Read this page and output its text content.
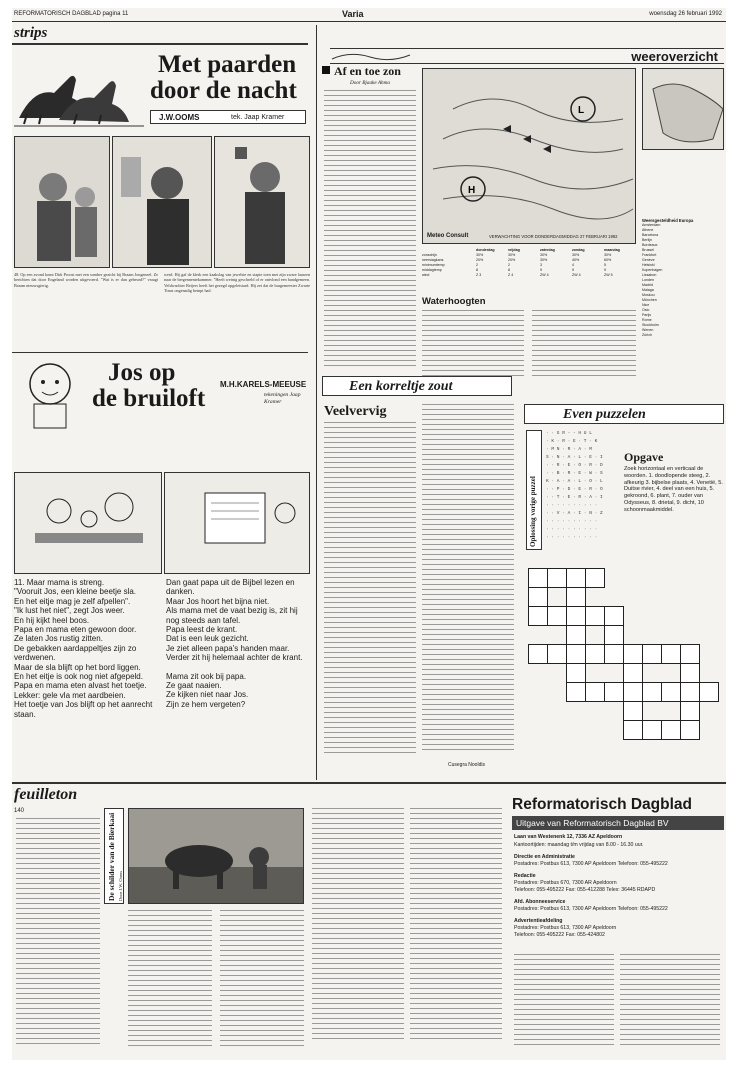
REFORMATORISCH DAGBLAD pagina 11	Varia	woensdag 26 februari 1992
strips
Met paarden
door de nacht
J.W.OOMS	tek. Jaap Kramer
48. Op een avond komt Dirk Proost met een somber gezicht bij Braam Jongeneel. Ze berichten dat door Engeland worden uitgevoerd. "Wat is er dan gebeurd?" vraagt Braam nieuwsgierig.
werd. Hij gaf de klerk een kaakslag van jewelste en stapte toen met zijn zware laarzen naar de bergennentekammer. "Heeft weinig geschreld of er ontvlond een handgemeen. Veldwachter Reijers heeft het gezegd opgeleistard. Hij zei dat de burgemeester Zwarte Tinus ongenadig beinpt had.
Jos op
de bruiloft
M.H.KARELS-MEEUSE
tekeningen Jaap Kramer
11. Maar mama is streng.
"Vooruit Jos, een kleine beetje sla.
En het eitje mag je zelf afpellen".
"Ik lust het niet", zegt Jos weer.
En hij kijkt heel boos.
Papa en mama eten gewoon door.
Ze laten Jos rustig zitten.
De gebakken aardappeltjes zijn zo verdwenen.
Maar de sla blijft op het bord liggen.
En het eitje is ook nog niet afgepeld.
Papa en mama eten alvast het toetje.
Lekker: gele vla met aardbeien.
Het toetje van Jos blijft op het aanrecht staan.
Dan gaat papa uit de Bijbel lezen en danken.
Maar Jos hoort het bijna niet.
Als mama met de vaat bezig is, zit hij nog steeds aan tafel.
Papa leest de krant.
Dat is een leuk gezicht.
Je ziet alleen papa's handen maar.
Verder zit hij helemaal achter de krant.
Mama zit ook bij papa.
Ze gaat naaien.
Ze kijken niet naar Jos.
Zijn ze hem vergeten?
feuilleton
140
De schilder van de Bierkaai Door J.W. Ooms
Reformatorisch Dagblad
Uitgave van Reformatorisch Dagblad BV
Laan van Westenenk 12, 7336 AZ Apeldoorn
Kantoortijden: maandag t/m vrijdag van 8.00 - 16.30 uur.
Directie en Administratie
Postadres: Postbus 613, 7300 AP Apeldoorn Telefoon: 055-495222
Redactie
Postadres: Postbus 670, 7300 AR Apeldoorn
Telefoon: 055-495222 Fax: 055-412288 Telex: 36445 RDAPD
Afd. Abonneeservice
Postadres: Postbus 613, 7300 AP Apeldoorn Telefoon: 055-495222
Advertentieafdeling
Postadres: Postbus 613, 7300 AP Apeldoorn
Telefoon: 055-495222 Fax: 055-424802
Af en toe zon
Door Bjaake Ahma
weeroverzicht
L
H
Meteo Consult	VERWACHTING VOOR DONDERDAGMIDDAG 27 FEBRUARI 1992
donderdag	vrijdag	zaterdag	zondag	maandag
zonschijn	30%	30%	30%	30%	30%
neerslagkans	20%	20%	30%	40%	60%
minimumtemp	2	2	3	4	5
middagtemp	8	8	9	9	9
wind	Z 3	Z 4	ZW 4	ZW 4	ZW 5
Weersgesteldheid Europa
Amsterdam
Athene
Barcelona
Berlijn
Bordeaux
Brussel
Frankfurt
Genève
Helsinki
Kopenhagen
Lissabon
Londen
Madrid
Malaga
Moskou
München
Nice
Oslo
Parijs
Rome
Stockholm
Wenen
Zürich
Waterhoogten
Een korreltje zout
Veelvervig
Cusegra Nooldis
Even puzzelen
Oplossing vorige puzzel
· · G R - - H U L
· K · R · E · T · K
· M N · R · A · M
S · N · A · L · E · I
· · R · E · O · R · D
· · B · R · E · W · S
K · A · A · L · O · L
· · P · D · E · R · O
· · T · E · R · A · I
· · · · · · · · · ·
· · V · A · I · N · Z
· · · · · · · · · ·
· · · · · · · · · ·
· · · · · · · · · ·
Opgave
Zoek horizontaal en verticaal de woorden. 1. doodlopende steeg, 2. afkeurig 3. bijbelse plaats, 4. Venetië, 5. Duitse rivier, 4. deel van een huis, 5. gekroond, 6. plant, 7. ouder van Odysseus, 8. drietal, 9. dicht, 10 schoonmaakmiddel.
